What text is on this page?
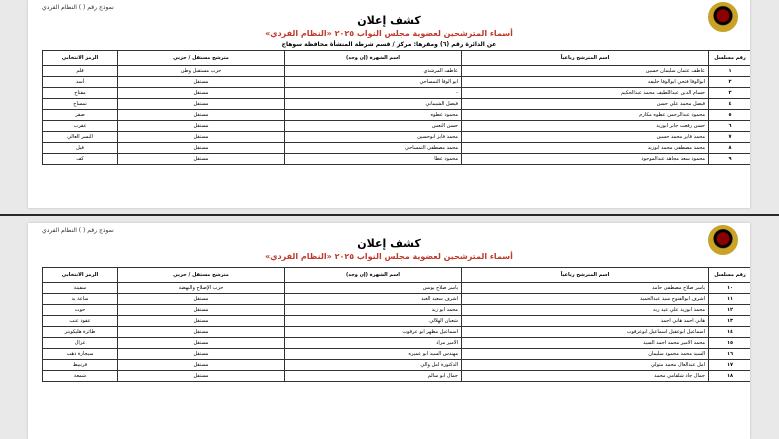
نموذج رقم ( ) النظام الفردي
كشف إعلان
أسماء المترشحين لعضوية مجلس النواب ٢٠٢٥ «النظام الفردي»
عن الدائرة رقم (٦) ومقرها: مركز / قسم شرطة المنشأة محافظة سوهاج
رقم مسلسل	اسم المترشح رباعياً	اسم الشهرة (إن وجد)	مترشح مستقل / حزبي	الرمز الانتخابي
١	عاطف عثمان سليمان حسين	عاطف المرشدي	حزب مستقبل وطن	قلم
٢	ابوالوفا فتحي ابوالوفا خليفه	ابو الوفا التمساحي	مستقل	أسد
٣	حسام الدين عبداللطيف محمد عبدالحكيم	-	مستقل	مفتاح
٤	فيصل محمد علي حسن	فيصل الشيماني	مستقل	تمساح
٥	محمود عبدالرحمن عطوه مكارم	محمود عطوه	مستقل	صقر
٦	حسن رفعت جابر ابوزيد	حسن النعس	مستقل	عقرب
٧	محمد فايز محمد حسين	محمد فايز ابوحسين	مستقل	النسر العالي
٨	محمد مصطفى محمد ابوزيد	محمد مصطفى التمساحي	مستقل	فيل
٩	محمود سعد مجاهد عبدالموجود	محمود عطا	مستقل	كف
نموذج رقم ( ) النظام الفردي
كشف إعلان
أسماء المترشحين لعضوية مجلس النواب ٢٠٢٥ «النظام الفردي»
رقم مسلسل	اسم المترشح رباعياً	اسم الشهرة (إن وجد)	مترشح مستقل / حزبي	الرمز الانتخابي
١٠	ياسر صلاح مصطفى حامد	ياسر صلاح يونس	حزب الإصلاح والنهضة	سفينة
١١	اشرف ابوالفتوح سيد عبدالحميد	اشرف سعيد العبد	مستقل	ساعة يد
١٢	محمد ابوزيد علي عيد ربه	محمد ابو زيد	مستقل	حوت
١٣	هاني احمد هاني احمد	شعبان الهلالي	مستقل	عقود عنب
١٤	اسماعيل ابوعقيل اسماعيل ابوعرقوب	اسماعيل مظهر ابو عرقوب	مستقل	طائرة هليكوبتر
١٥	محمد الامير محمد احمد السيد	الامير مراد	مستقل	غزال
١٦	السيد محمد محمود سليمان	مهندس السيد ابو عميره	مستقل	سيجارة ذهب
١٧	امل عبدالعال محمد متولي	الدكتورة امل والي	مستقل	قرنبيط
١٨	جمال جاد شلقامي محمد	جمال ابو سالم	مستقل	شمعة
